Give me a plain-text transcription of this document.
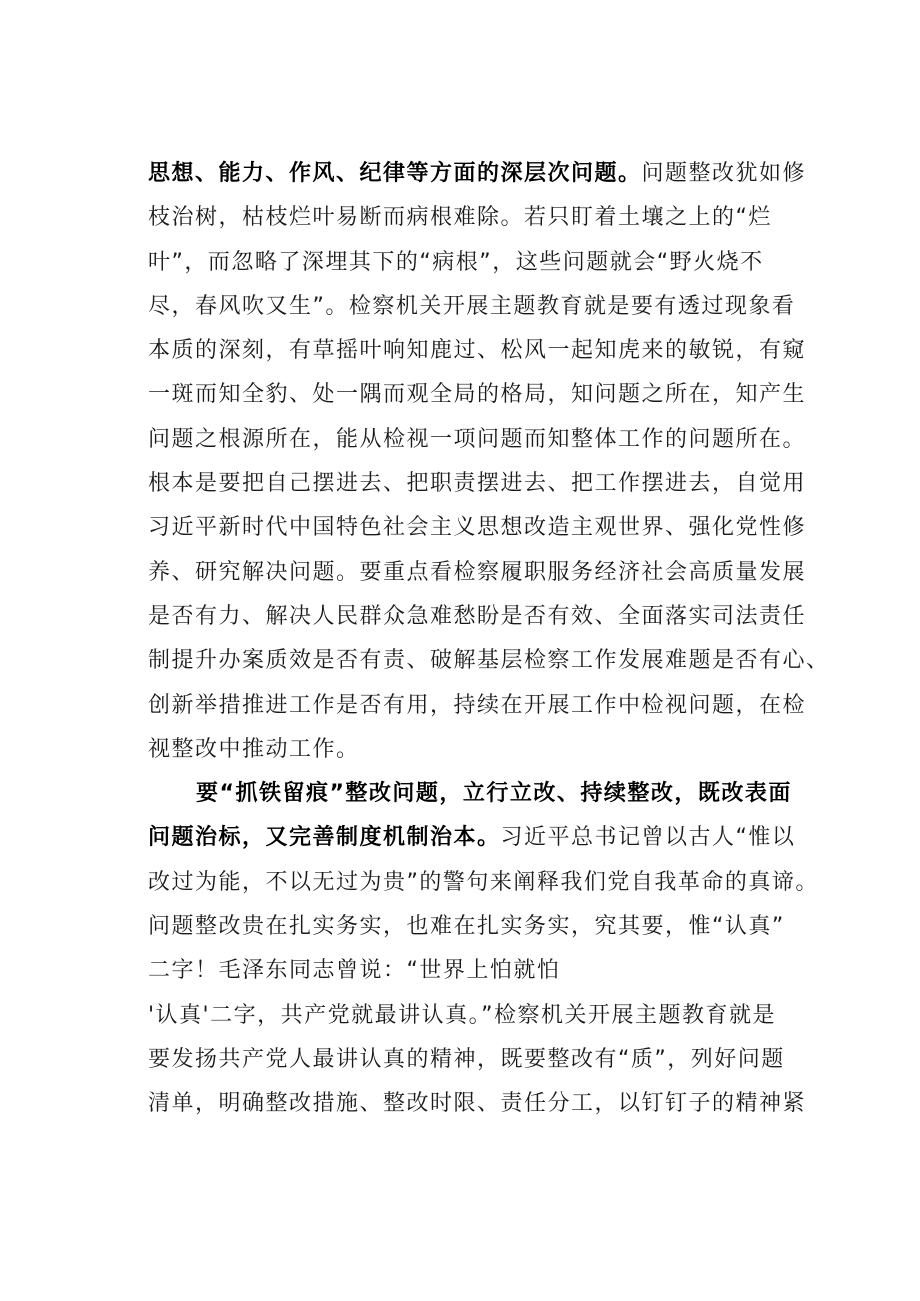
思想、能力、作风、纪律等方面的深层次问题。问题整改犹如修
枝治树，枯枝烂叶易断而病根难除。若只盯着土壤之上的“烂
叶”，而忽略了深埋其下的“病根”，这些问题就会“野火烧不
尽，春风吹又生”。检察机关开展主题教育就是要有透过现象看
本质的深刻，有草摇叶响知鹿过、松风一起知虎来的敏锐，有窥
一斑而知全豹、处一隅而观全局的格局，知问题之所在，知产生
问题之根源所在，能从检视一项问题而知整体工作的问题所在。
根本是要把自己摆进去、把职责摆进去、把工作摆进去，自觉用
习近平新时代中国特色社会主义思想改造主观世界、强化党性修
养、研究解决问题。要重点看检察履职服务经济社会高质量发展
是否有力、解决人民群众急难愁盼是否有效、全面落实司法责任
制提升办案质效是否有责、破解基层检察工作发展难题是否有心、
创新举措推进工作是否有用，持续在开展工作中检视问题，在检
视整改中推动工作。
要“抓铁留痕”整改问题，立行立改、持续整改，既改表面
问题治标，又完善制度机制治本。习近平总书记曾以古人“惟以
改过为能，不以无过为贵”的警句来阐释我们党自我革命的真谛。
问题整改贵在扎实务实，也难在扎实务实，究其要，惟“认真”
二字！毛泽东同志曾说：“世界上怕就怕
'认真'二字，共产党就最讲认真。”检察机关开展主题教育就是
要发扬共产党人最讲认真的精神，既要整改有“质”，列好问题
清单，明确整改措施、整改时限、责任分工，以钉钉子的精神紧
